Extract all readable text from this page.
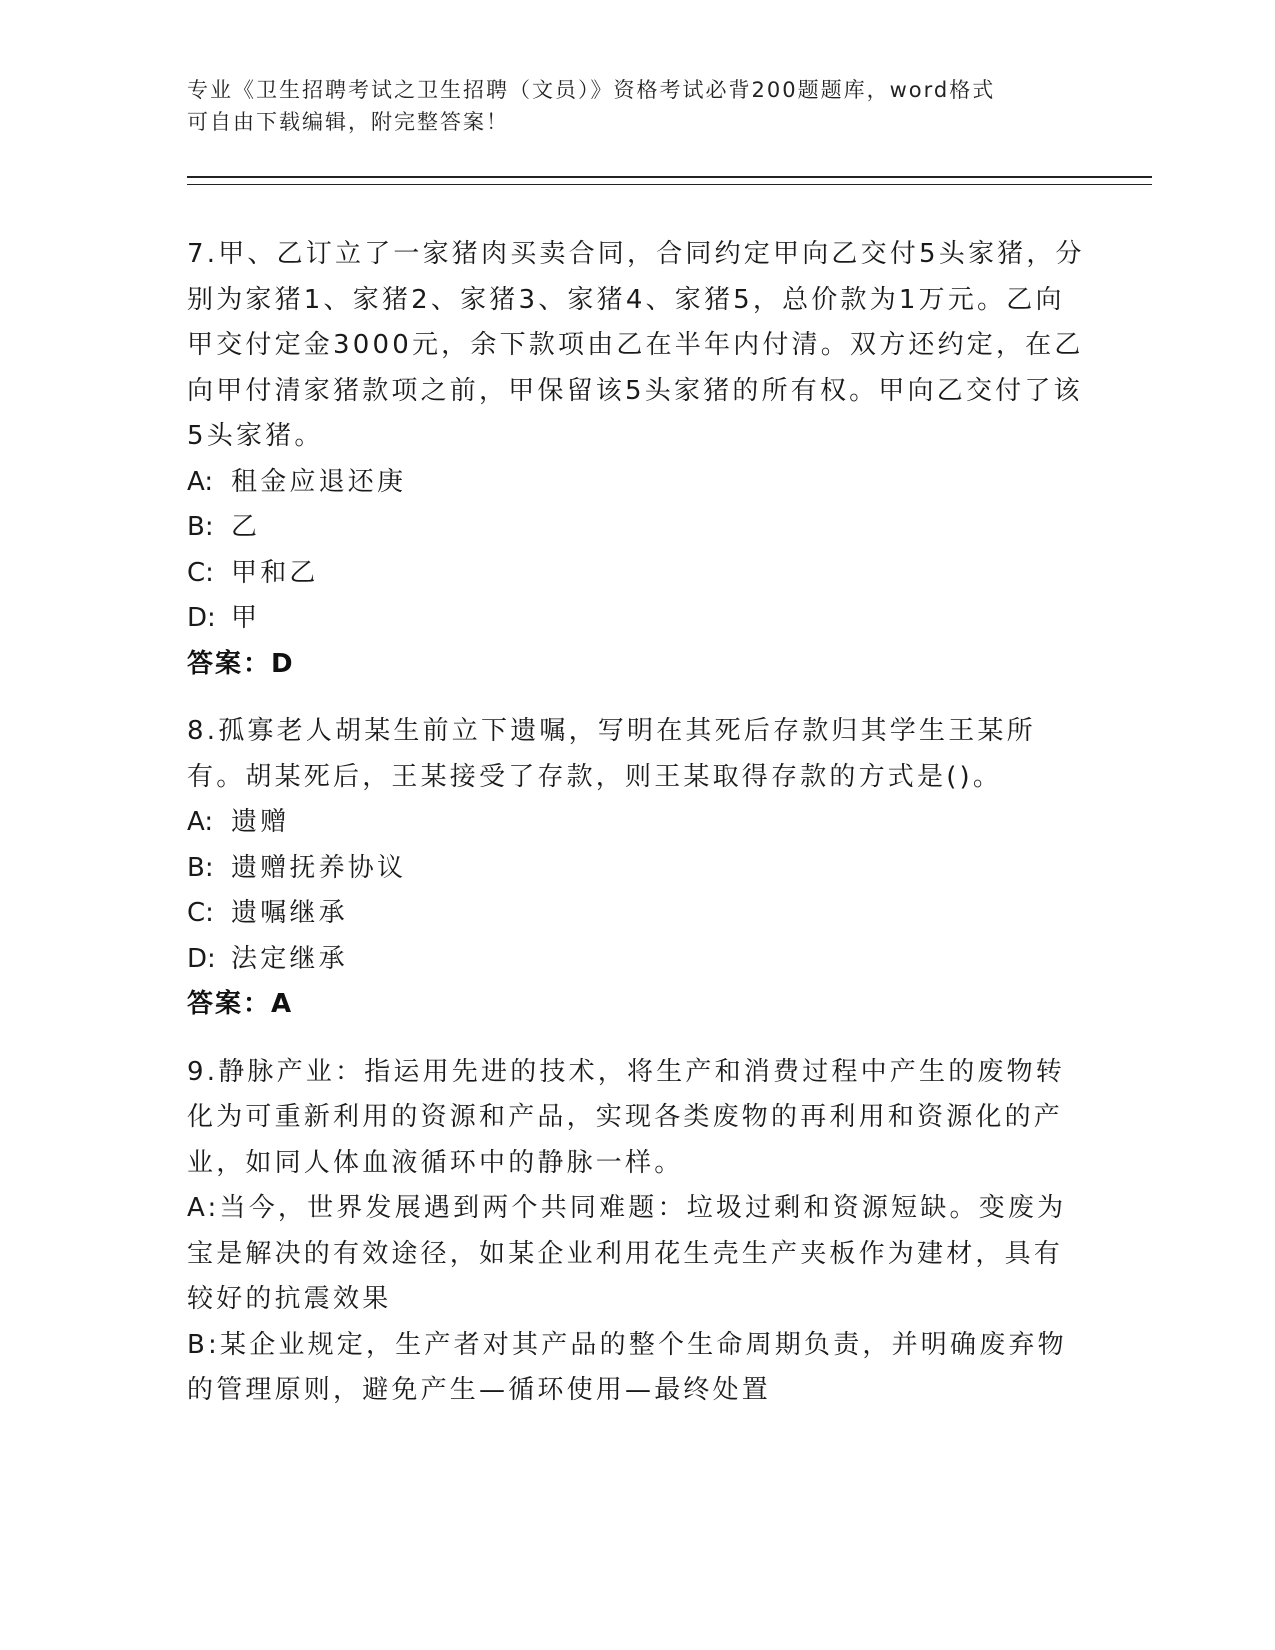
专业《卫生招聘考试之卫生招聘（文员）》资格考试必背200题题库，word格式
可自由下载编辑，附完整答案！

7.甲、乙订立了一家猪肉买卖合同，合同约定甲向乙交付5头家猪，分别为家猪1、家猪2、家猪3、家猪4、家猪5，总价款为1万元。乙向甲交付定金3000元，余下款项由乙在半年内付清。双方还约定，在乙向甲付清家猪款项之前，甲保留该5头家猪的所有权。甲向乙交付了该5头家猪。

A: 租金应退还庚

B: 乙

C: 甲和乙

D: 甲

答案：D

8.孤寡老人胡某生前立下遗嘱，写明在其死后存款归其学生王某所有。胡某死后，王某接受了存款，则王某取得存款的方式是()。

A: 遗赠

B: 遗赠抚养协议

C: 遗嘱继承

D: 法定继承

答案：A

9.静脉产业：指运用先进的技术，将生产和消费过程中产生的废物转化为可重新利用的资源和产品，实现各类废物的再利用和资源化的产业，如同人体血液循环中的静脉一样。

A:当今，世界发展遇到两个共同难题：垃圾过剩和资源短缺。变废为宝是解决的有效途径，如某企业利用花生壳生产夹板作为建材，具有较好的抗震效果

B:某企业规定，生产者对其产品的整个生命周期负责，并明确废弃物的管理原则，避免产生—循环使用—最终处置
